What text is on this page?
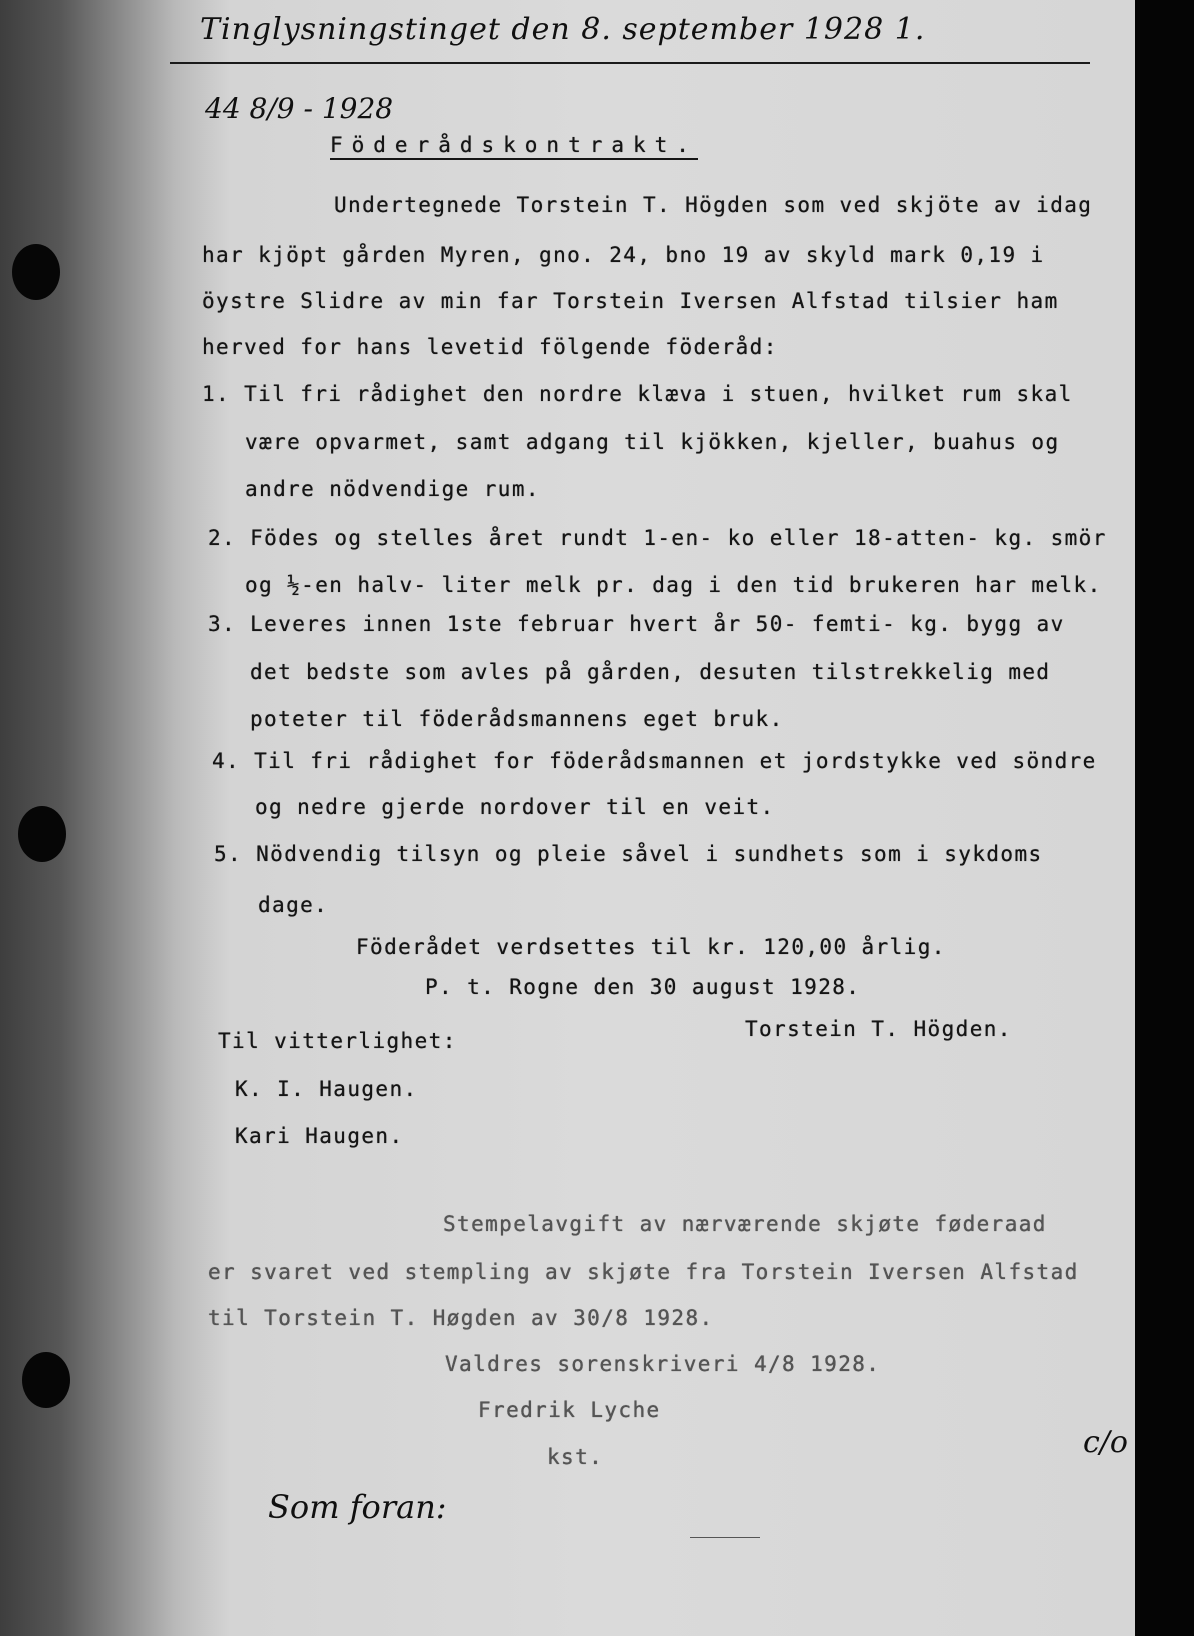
Tinglysningstinget den 8. september 1928 1.
44 8/9 - 1928
Föderådskontrakt.
Undertegnede Torstein T. Högden som ved skjöte av idag
har kjöpt gården Myren, gno. 24, bno 19 av skyld mark 0,19 i
öystre Slidre av min far Torstein Iversen Alfstad tilsier ham
herved for hans levetid fölgende föderåd:
1. Til fri rådighet den nordre klæva i stuen, hvilket rum skal
være opvarmet, samt adgang til kjökken, kjeller, buahus og
andre nödvendige rum.
2. Födes og stelles året rundt 1-en- ko eller 18-atten- kg. smör
og ½-en halv- liter melk pr. dag i den tid brukeren har melk.
3. Leveres innen 1ste februar hvert år 50- femti- kg. bygg av
det bedste som avles på gården, desuten tilstrekkelig med
poteter til föderådsmannens eget bruk.
4. Til fri rådighet for föderådsmannen et jordstykke ved söndre
og nedre gjerde nordover til en veit.
5. Nödvendig tilsyn og pleie såvel i sundhets som i sykdoms
dage.
Föderådet verdsettes til kr. 120,00 årlig.
P. t. Rogne den 30 august 1928.
Til vitterlighet:	Torstein T. Högden.
K. I. Haugen.
Kari Haugen.
Stempelavgift av nærværende skjøte føderaad
er svaret ved stempling av skjøte fra Torstein Iversen Alfstad
til Torstein T. Høgden av 30/8 1928.
Valdres sorenskriveri 4/8 1928.
Fredrik Lyche
kst.
Som foran:
c/o
